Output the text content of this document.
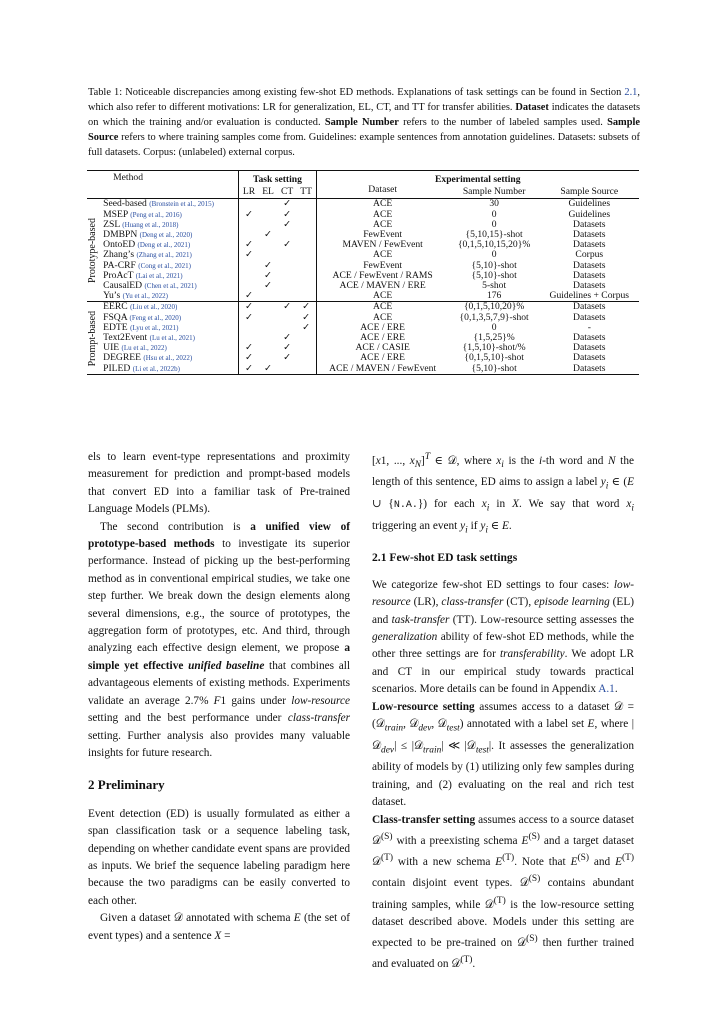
Table 1: Noticeable discrepancies among existing few-shot ED methods. Explanations of task settings can be found in Section 2.1, which also refer to different motivations: LR for generalization, EL, CT, and TT for transfer abilities. Dataset indicates the datasets on which the training and/or evaluation is conducted. Sample Number refers to the number of labeled samples used. Sample Source refers to where training samples come from. Guidelines: example sentences from annotation guidelines. Datasets: subsets of full datasets. Corpus: (unlabeled) external corpus.
	Method	Task setting				Experimental setting		
		LR	EL	CT	TT	Dataset	Sample Number	Sample Source
Prototype-based	Seed-based (Bronstein et al., 2015)			✓		ACE	30	Guidelines
	MSEP (Peng et al., 2016)	✓		✓		ACE	0	Guidelines
	ZSL (Huang et al., 2018)			✓		ACE	0	Datasets
	DMBPN (Deng et al., 2020)		✓			FewEvent	{5,10,15}-shot	Datasets
	OntoED (Deng et al., 2021)	✓		✓		MAVEN / FewEvent	{0,1,5,10,15,20}%	Datasets
	Zhang’s (Zhang et al., 2021)	✓				ACE	0	Corpus
	PA-CRF (Cong et al., 2021)		✓			FewEvent	{5,10}-shot	Datasets
	ProAcT (Lai et al., 2021)		✓			ACE / FewEvent / RAMS	{5,10}-shot	Datasets
	CausalED (Chen et al., 2021)		✓			ACE / MAVEN / ERE	5-shot	Datasets
	Yu’s (Yu et al., 2022)	✓				ACE	176	Guidelines + Corpus
Prompt-based	EERC (Liu et al., 2020)	✓		✓	✓	ACE	{0,1,5,10,20}%	Datasets
	FSQA (Feng et al., 2020)	✓			✓	ACE	{0,1,3,5,7,9}-shot	Datasets
	EDTE (Lyu et al., 2021)				✓	ACE / ERE	0	-
	Text2Event (Lu et al., 2021)			✓		ACE / ERE	{1,5,25}%	Datasets
	UIE (Lu et al., 2022)	✓		✓		ACE / CASIE	{1,5,10}-shot/%	Datasets
	DEGREE (Hsu et al., 2022)	✓		✓		ACE / ERE	{0,1,5,10}-shot	Datasets
	PILED (Li et al., 2022b)	✓	✓			ACE / MAVEN / FewEvent	{5,10}-shot	Datasets

els to learn event-type representations and proximity measurement for prediction and prompt-based models that convert ED into a familiar task of Pre-trained Language Models (PLMs).

The second contribution is a unified view of prototype-based methods to investigate its superior performance. Instead of picking up the best-performing method as in conventional empirical studies, we take one step further. We break down the design elements along several dimensions, e.g., the source of prototypes, the aggregation form of prototypes, etc. And third, through analyzing each effective design element, we propose a simple yet effective unified baseline that combines all advantageous elements of existing methods. Experiments validate an average 2.7% F1 gains under low-resource setting and the best performance under class-transfer setting. Further analysis also provides many valuable insights for future research.

2 Preliminary

Event detection (ED) is usually formulated as either a span classification task or a sequence labeling task, depending on whether candidate event spans are provided as inputs. We brief the sequence labeling paradigm here because the two paradigms can be easily converted to each other.

Given a dataset 𝒟 annotated with schema E (the set of event types) and a sentence X =

[x1, ..., $x_N]^T$ ∈ 𝒟, where $x_i$ is the i-th word and N the length of this sentence, ED aims to assign a label $y_i$ ∈ (E ∪ {N.A.}) for each $x_i$ in X. We say that word $x_i$ triggering an event $y_i$ if $y_i$ ∈ E.

2.1 Few-shot ED task settings

We categorize few-shot ED settings to four cases: low-resource (LR), class-transfer (CT), episode learning (EL) and task-transfer (TT). Low-resource setting assesses the generalization ability of few-shot ED methods, while the other three settings are for transferability. We adopt LR and CT in our empirical study towards practical scenarios. More details can be found in Appendix A.1.

Low-resource setting assumes access to a dataset 𝒟 = (𝒟$_{train}$, 𝒟$_{dev}$, 𝒟$_{test}$) annotated with a label set E, where |𝒟$_{dev}$| ≤ |𝒟$_{train}$| ≪ |𝒟$_{test}$|. It assesses the generalization ability of models by (1) utilizing only few samples during training, and (2) evaluating on the real and rich test dataset.

Class-transfer setting assumes access to a source dataset 𝒟$^{(S)}$ with a preexisting schema $E^{(S)}$ and a target dataset 𝒟$^{(T)}$ with a new schema $E^{(T)}$. Note that $E^{(S)}$ and $E^{(T)}$ contain disjoint event types. 𝒟$^{(S)}$ contains abundant training samples, while 𝒟$^{(T)}$ is the low-resource setting dataset described above. Models under this setting are expected to be pre-trained on 𝒟$^{(S)}$ then further trained and evaluated on 𝒟$^{(T)}$.
